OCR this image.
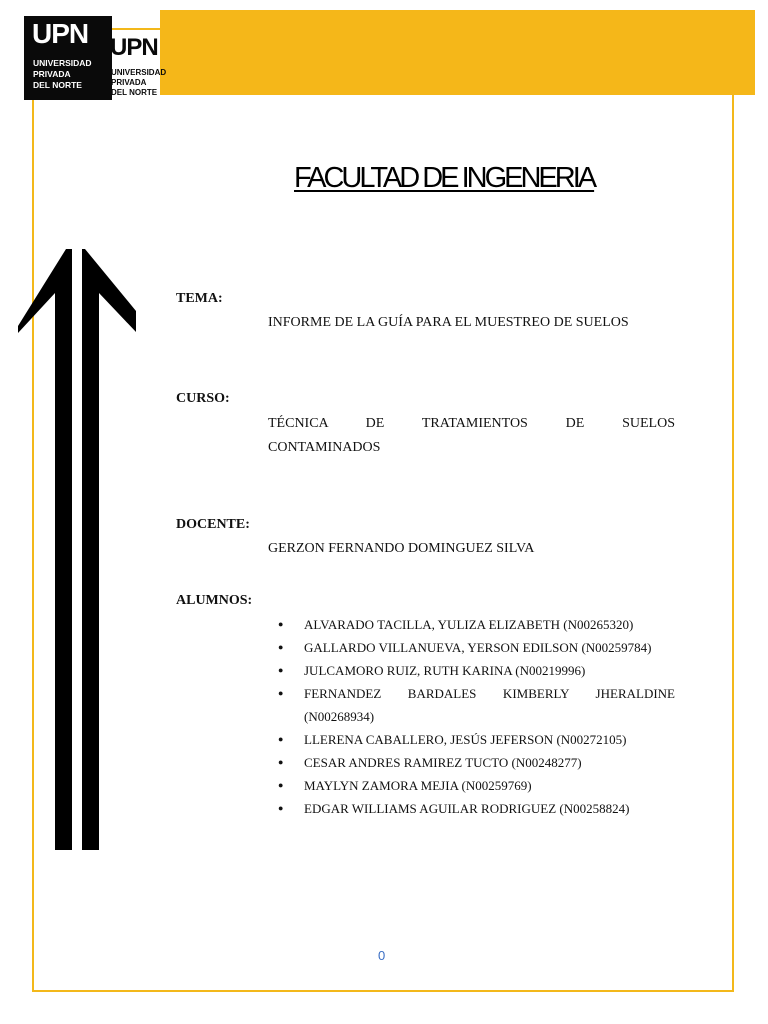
UPN
UNIVERSIDAD
PRIVADA
DEL NORTE
UPN
UNIVERSIDAD
PRIVADA
DEL NORTE
FACULTAD DE INGENERIA
TEMA:
INFORME DE LA GUÍA PARA EL MUESTREO DE SUELOS
CURSO:
TÉCNICA DE TRATAMIENTOS DE SUELOS
CONTAMINADOS
DOCENTE:
GERZON FERNANDO DOMINGUEZ SILVA
ALUMNOS:
● ALVARADO TACILLA, YULIZA ELIZABETH (N00265320)
● GALLARDO VILLANUEVA, YERSON EDILSON (N00259784)
● JULCAMORO RUIZ, RUTH KARINA (N00219996)
● FERNANDEZ BARDALES KIMBERLY JHERALDINE (N00268934)
● LLERENA CABALLERO, JESÚS JEFERSON (N00272105)
● CESAR ANDRES RAMIREZ TUCTO (N00248277)
● MAYLYN ZAMORA MEJIA (N00259769)
● EDGAR WILLIAMS AGUILAR RODRIGUEZ (N00258824)
0
